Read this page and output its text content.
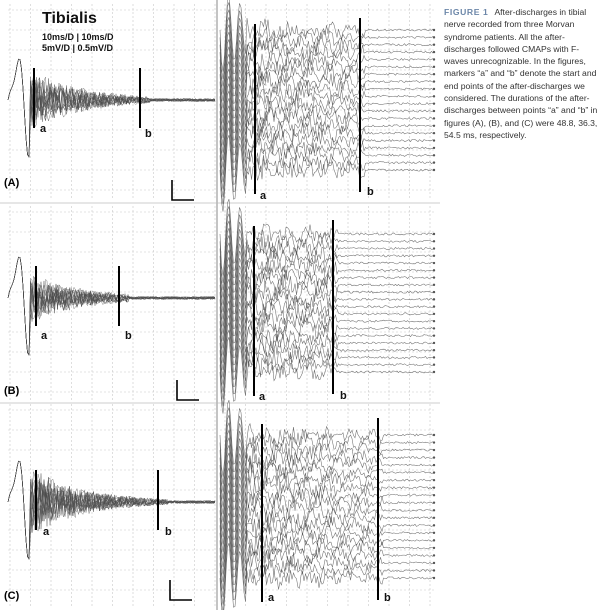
Tibialis
10ms/D | 10ms/D
5mV/D | 0.5mV/D
(A)
(B)
(C)
a	b
a	b
a	b
a	b
a	b
a	b
FIGURE 1 After-discharges in tibial nerve recorded from three Morvan syndrome patients. All the after-discharges followed CMAPs with F-waves unrecognizable. In the figures, markers “a” and “b” denote the start and end points of the after-discharges we considered. The durations of the after-discharges between points “a” and “b” in figures (A), (B), and (C) were 48.8, 36.3, 54.5 ms, respectively.
